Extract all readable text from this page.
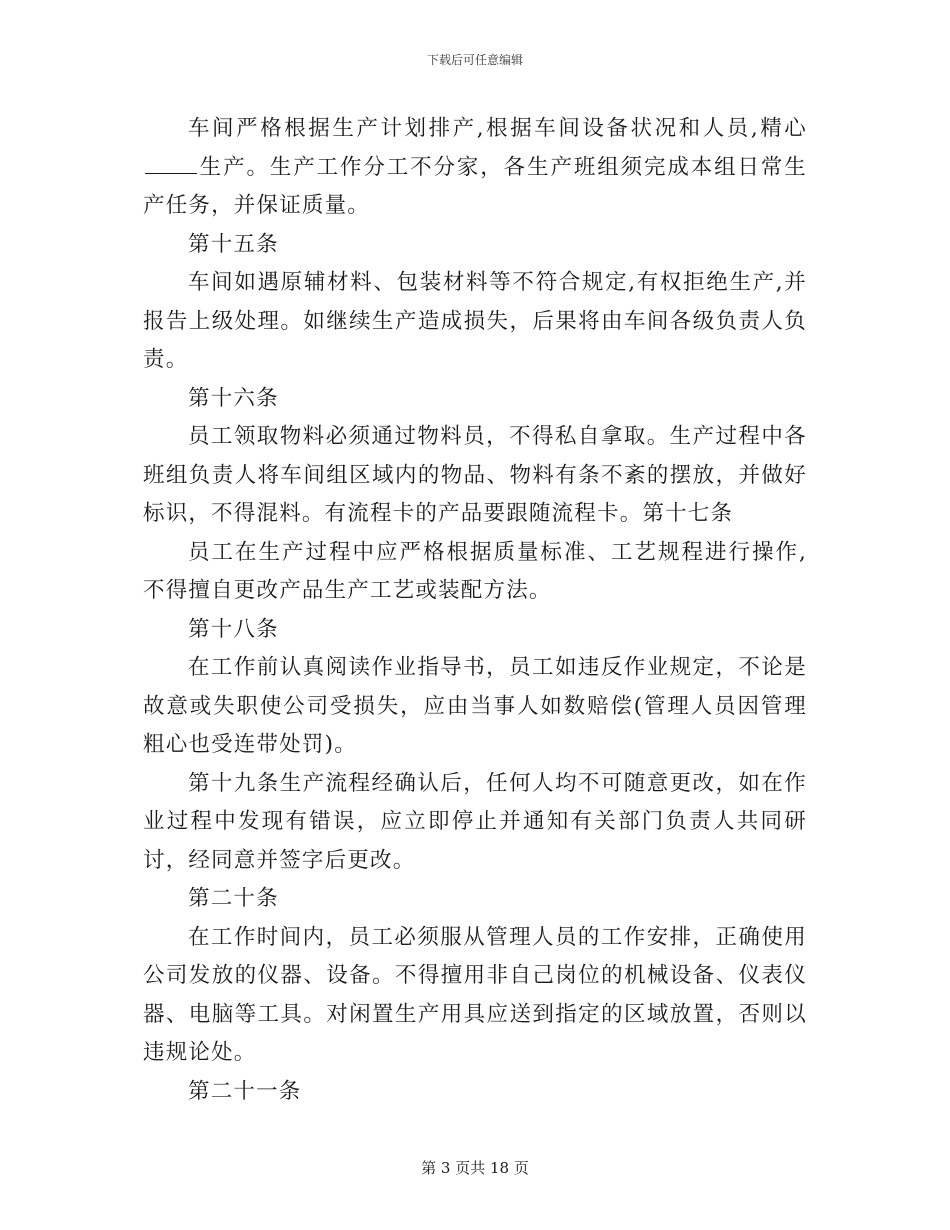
下载后可任意编辑

车间严格根据生产计划排产,根据车间设备状况和人员,精心生产。生产工作分工不分家，各生产班组须完成本组日常生产任务，并保证质量。

第十五条

车间如遇原辅材料、包装材料等不符合规定,有权拒绝生产,并报告上级处理。如继续生产造成损失，后果将由车间各级负责人负责。

第十六条

员工领取物料必须通过物料员，不得私自拿取。生产过程中各班组负责人将车间组区域内的物品、物料有条不紊的摆放，并做好标识，不得混料。有流程卡的产品要跟随流程卡。第十七条

员工在生产过程中应严格根据质量标准、工艺规程进行操作,不得擅自更改产品生产工艺或装配方法。

第十八条

在工作前认真阅读作业指导书，员工如违反作业规定，不论是故意或失职使公司受损失，应由当事人如数赔偿(管理人员因管理粗心也受连带处罚)。

第十九条生产流程经确认后，任何人均不可随意更改，如在作业过程中发现有错误，应立即停止并通知有关部门负责人共同研讨，经同意并签字后更改。

第二十条

在工作时间内，员工必须服从管理人员的工作安排，正确使用公司发放的仪器、设备。不得擅用非自己岗位的机械设备、仪表仪器、电脑等工具。对闲置生产用具应送到指定的区域放置，否则以违规论处。

第二十一条

第 3 页共 18 页
